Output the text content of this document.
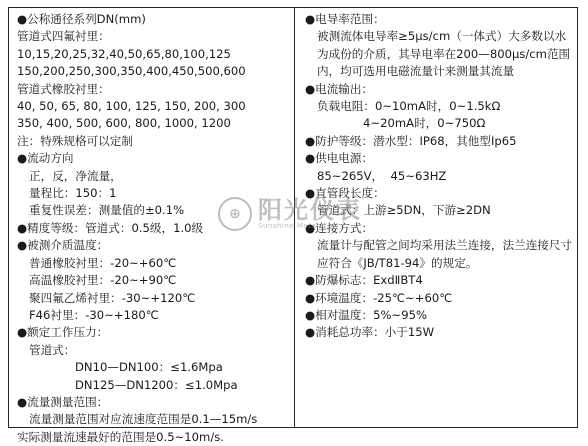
●公称通径系列DN(mm)
管道式四氟衬里：
10,15,20,25,32,40,50,65,80,100,125
150,200,250,300,350,400,450,500,600
管道式橡胶衬里：
40, 50, 65, 80, 100, 125, 150, 200, 300
350, 400, 500, 600, 800, 1000, 1200
注：特殊规格可以定制
●流动方向
正，反，净流量，
量程比：150：1
重复性误差：测量值的±0.1%
●精度等级：管道式：0.5级，1.0级
●被测介质温度：
普通橡胶衬里：-20~+60℃
高温橡胶衬里：-20~+90℃
聚四氟乙烯衬里：-30~+120℃
F46衬里：-30~+180℃
●额定工作压力：
管道式：
DN10—DN100：≤1.6Mpa
DN125—DN1200：≤1.0Mpa
●流量测量范围：
流量测量范围对应流速度范围是0.1—15m/s
实际测量流速最好的范围是0.5~10m/s.
●电导率范围：
被测流体电导率≥5μs/cm（一体式）大多数以水为成份的介质，其导电率在200—800μs/cm范围内，均可选用电磁流量计来测量其流量
●电流输出：
负载电阻：0~10mA时，0~1.5kΩ
4~20mA时，0~750Ω
●防护等级：潜水型：IP68，其他型Ip65
●供电电源：
85~265V，  45~63HZ
●直管段长度：
管道式：上游≥5DN，下游≥2DN
●连接方式：
流量计与配管之间均采用法兰连接，法兰连接尺寸应符合《JB/T81-94》的规定。
●防爆标志：ExdⅡBT4
●环境温度：-25℃~+60℃
●相对温度：5%~95%
●消耗总功率：小于15W
⊕ 阳光仪表
Sunshine Meters
